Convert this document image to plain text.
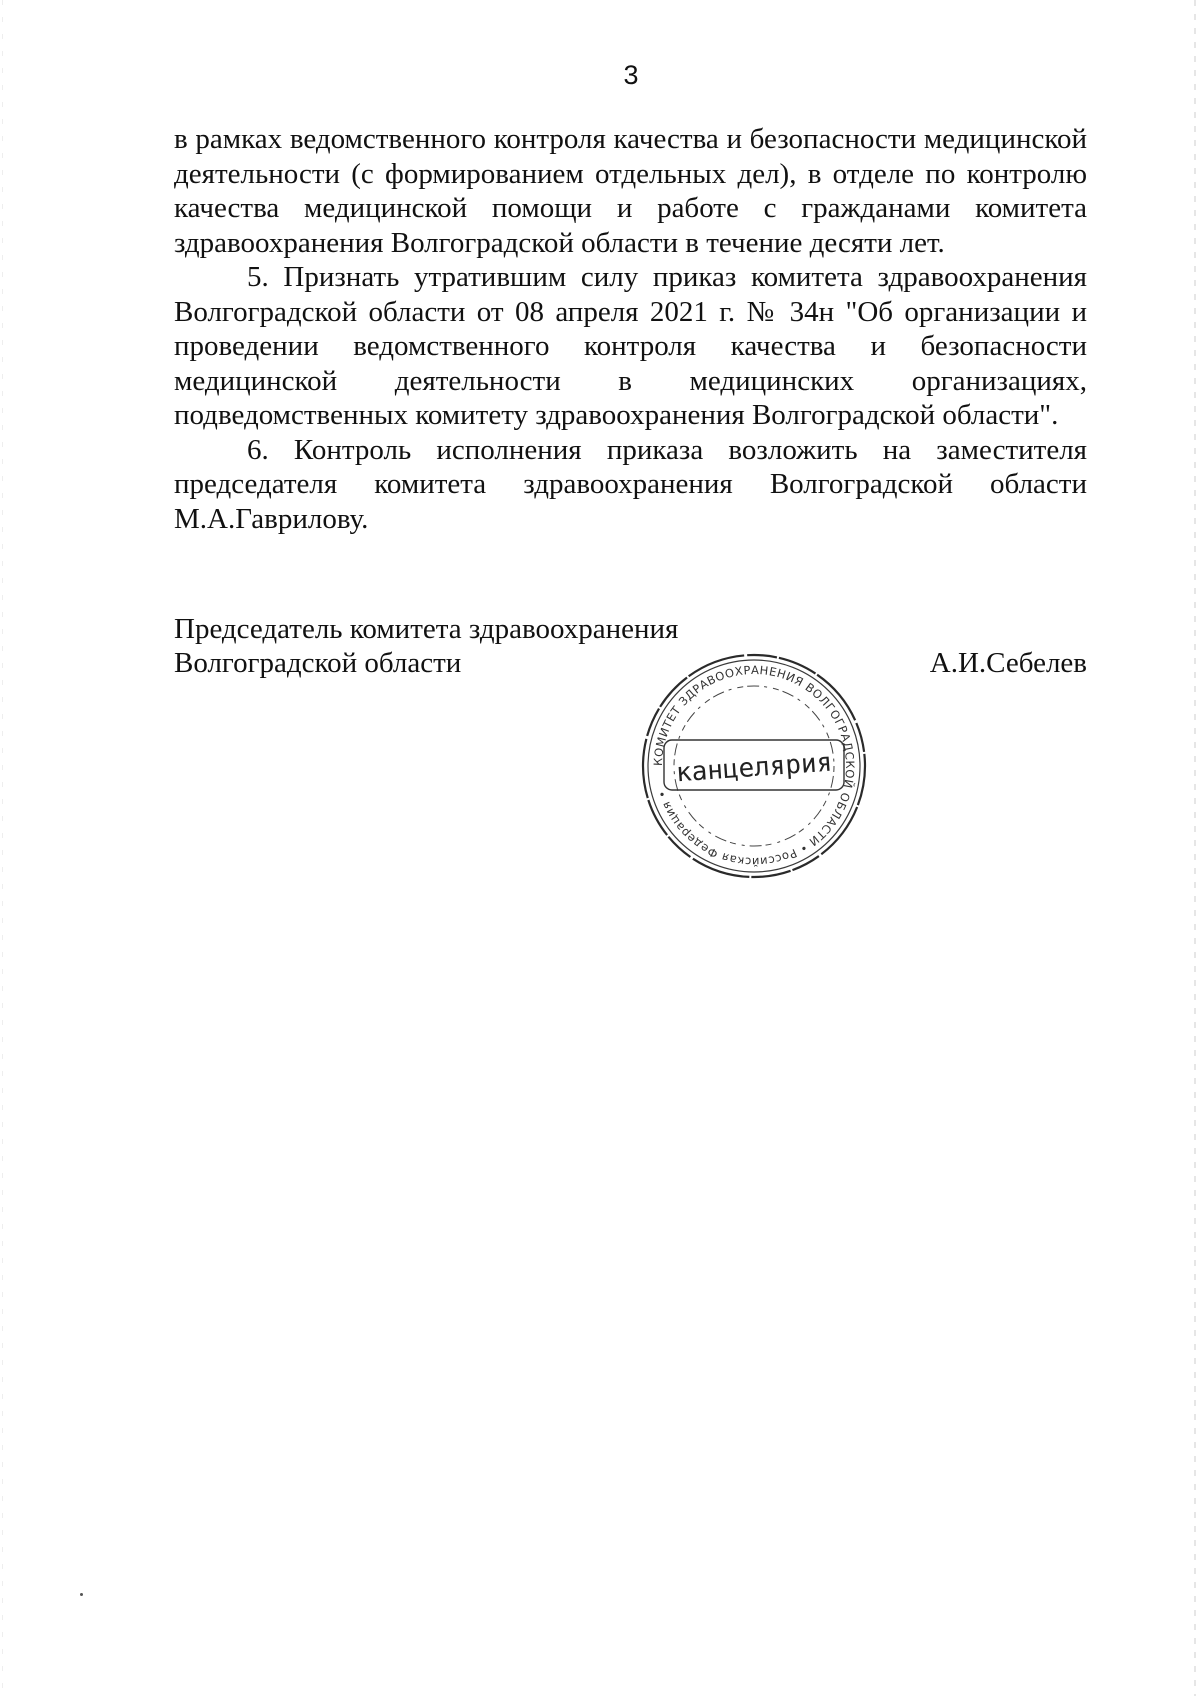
3

в рамках ведомственного контроля качества и безопасности медицинской деятельности (с формированием отдельных дел), в отделе по контролю качества медицинской помощи и работе с гражданами комитета здравоохранения Волгоградской области в течение десяти лет.

5. Признать утратившим силу приказ комитета здравоохранения Волгоградской области от 08 апреля 2021 г. № 34н "Об организации и проведении ведомственного контроля качества и безопасности медицинской деятельности в медицинских организациях, подведомственных комитету здравоохранения Волгоградской области".

6. Контроль исполнения приказа возложить на заместителя председателя комитета здравоохранения Волгоградской области М.А.Гаврилову.

Председатель комитета здравоохранения

Волгоградской области	А.И.Себелев
КОМИТЕТ ЗДРАВООХРАНЕНИЯ ВОЛГОГРАДСКОЙ ОБЛАСТИ • Российская Федерация •
канцелярия
